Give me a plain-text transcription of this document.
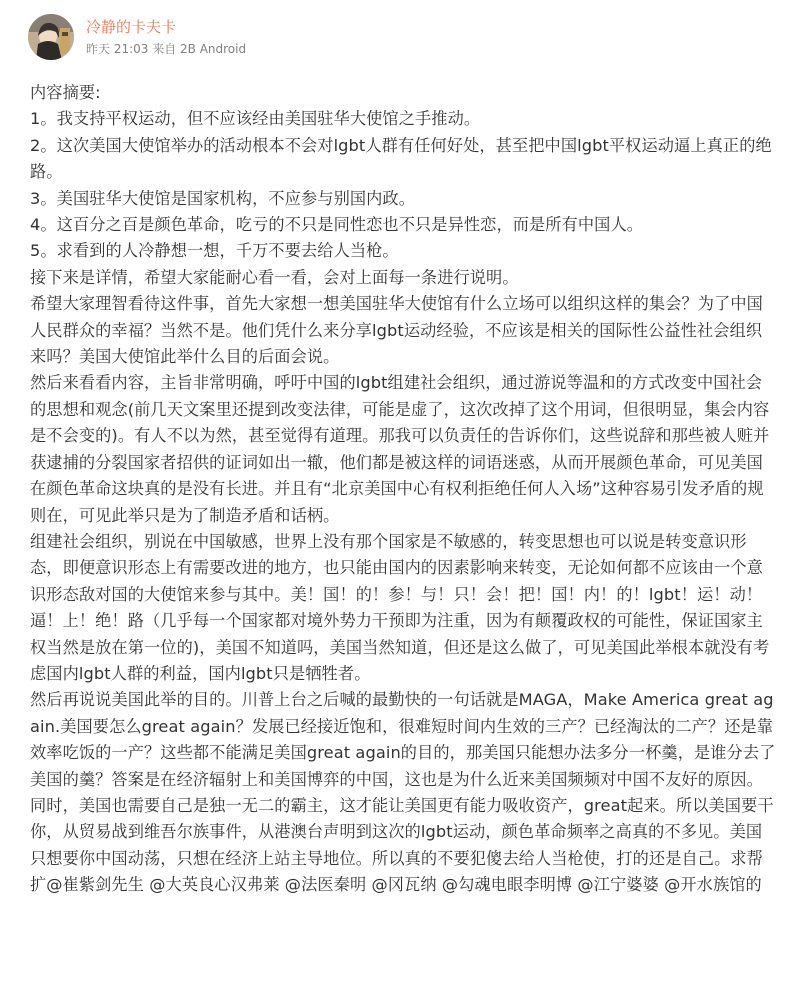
冷静的卡夫卡
昨天 21:03 来自 2B Android

内容摘要:

1。我支持平权运动，但不应该经由美国驻华大使馆之手推动。

2。这次美国大使馆举办的活动根本不会对lgbt人群有任何好处，甚至把中国lgbt平权运动逼上真正的绝路。

3。美国驻华大使馆是国家机构，不应参与别国内政。

4。这百分之百是颜色革命，吃亏的不只是同性恋也不只是异性恋，而是所有中国人。

5。求看到的人冷静想一想，千万不要去给人当枪。

接下来是详情，希望大家能耐心看一看，会对上面每一条进行说明。

希望大家理智看待这件事，首先大家想一想美国驻华大使馆有什么立场可以组织这样的集会？为了中国人民群众的幸福？当然不是。他们凭什么来分享lgbt运动经验，不应该是相关的国际性公益性社会组织来吗？美国大使馆此举什么目的后面会说。

然后来看看内容，主旨非常明确，呼吁中国的lgbt组建社会组织，通过游说等温和的方式改变中国社会的思想和观念(前几天文案里还提到改变法律，可能是虚了，这次改掉了这个用词，但很明显，集会内容是不会变的)。有人不以为然，甚至觉得有道理。那我可以负责任的告诉你们，这些说辞和那些被人赃并获逮捕的分裂国家者招供的证词如出一辙，他们都是被这样的词语迷惑，从而开展颜色革命，可见美国在颜色革命这块真的是没有长进。并且有“北京美国中心有权利拒绝任何人入场”这种容易引发矛盾的规则在，可见此举只是为了制造矛盾和话柄。

组建社会组织，别说在中国敏感，世界上没有那个国家是不敏感的，转变思想也可以说是转变意识形态，即便意识形态上有需要改进的地方，也只能由国内的因素影响来转变，无论如何都不应该由一个意识形态敌对国的大使馆来参与其中。美！国！的！参！与！只！会！把！国！内！的！lgbt！运！动！逼！上！绝！路（几乎每一个国家都对境外势力干预即为注重，因为有颠覆政权的可能性，保证国家主权当然是放在第一位的)，美国不知道吗，美国当然知道，但还是这么做了，可见美国此举根本就没有考虑国内lgbt人群的利益，国内lgbt只是牺牲者。

然后再说说美国此举的目的。川普上台之后喊的最勤快的一句话就是MAGA，Make America great again.美国要怎么great again？发展已经接近饱和，很难短时间内生效的三产？已经淘汰的二产？还是靠效率吃饭的一产？这些都不能满足美国great again的目的，那美国只能想办法多分一杯羹，是谁分去了美国的羹？答案是在经济辐射上和美国博弈的中国，这也是为什么近来美国频频对中国不友好的原因。同时，美国也需要自己是独一无二的霸主，这才能让美国更有能力吸收资产，great起来。所以美国要干你，从贸易战到维吾尔族事件，从港澳台声明到这次的lgbt运动，颜色革命频率之高真的不多见。美国只想要你中国动荡，只想在经济上站主导地位。所以真的不要犯傻去给人当枪使，打的还是自己。求帮扩@崔紫剑先生 @大英良心汉弗莱 @法医秦明 @冈瓦纳 @勾魂电眼李明博 @江宁婆婆 @开水族馆的
